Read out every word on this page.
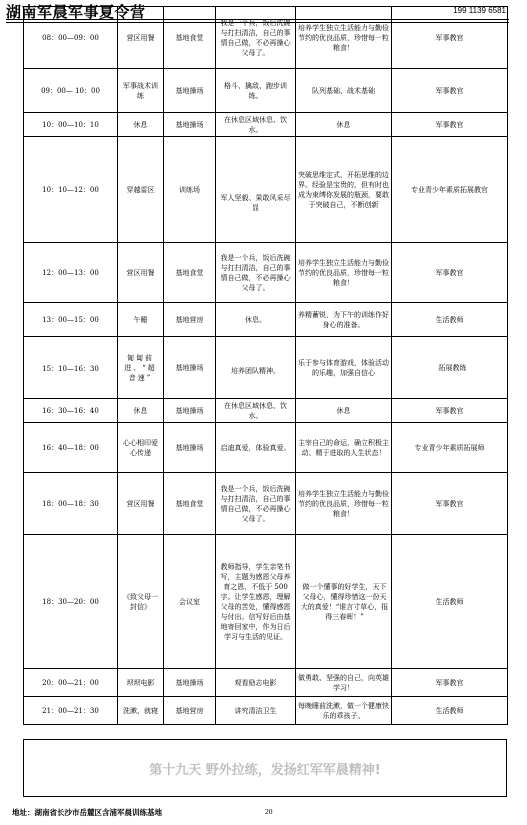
湖南军晨军事夏令营	199 1139 6581
08：00—09：00	营区用餐	基地食堂	我是一个兵，饭后洗碗与打扫清洁，自己的事情自己做，不必再操心父母了。	培养学生独立生活能力与勤俭节约的优良品质，珍惜每一粒粮食！	军事教官
09：00— 10：00	军事战术训练	基地操场	格斗、擒敌、跑步训练。	队列基础、战术基础	军事教官
10：00—10：10	休息	基地操场	在休息区域休息、饮水。	休息	军事教官
10：10—12：00	穿越雷区	训练场	军人坚毅、果敢风采尽显	突破思维定式，开拓思维的边界。经验是宝贵的，但有时也成为束缚你发展的瓶颈，要敢于突破自己，不断创新	专业青少年素质拓展教官
12：00—13：00	营区用餐	基地食堂	我是一个兵，饭后洗碗与打扫清洁，自己的事情自己做，不必再操心父母了。	培养学生独立生活能力与勤俭节约的优良品质，珍惜每一粒粮食！	军事教官
13：00—15：00	午睡	基地营房	休息。	养精蓄锐，为下午的训练作好身心的准备。	生活教师
15：10—16：30	匍匐前进、“超音速”	基地操场	培养团队精神。	乐于参与体育游戏，体验活动的乐趣，加强自信心	拓展教练
16：30—16：40	休息	基地操场	在休息区域休息、饮水。	休息	军事教官
16：40—18：00	心心相印爱心传递	基地操场	启迪真爱，体验真爱。	主宰自己的命运，确立积极主动、精于进取的人生状态！	专业青少年素质拓展师
18：00—18：30	营区用餐	基地食堂	我是一个兵，饭后洗碗与打扫清洁，自己的事情自己做，不必再操心父母了。	培养学生独立生活能力与勤俭节约的优良品质，珍惜每一粒粮食！	军事教官
18：30—20：00	《致父母一封信》	会议室	教师指导，学生亲笔书写，主题为感恩父母养育之恩，不低于 500字。让学生感恩，理解父母的苦处，懂得感恩与付出。信写好后由基地寄回家中，作为日后学习与生活的见证。	做一个懂事的好学生，天下父母心，懂得珍惜这一份天大的真爱！“谁言寸草心，报得三春晖！”	生活教师
20：00—21：00	坝坝电影	基地操场	观看励志电影	做勇敢、坚强的自己，向英雄学习！	军事教官
21：00—21：30	洗漱、就寝	基地营房	讲究清洁卫生	每晚睡前洗漱，做一个健康快乐的乖孩子。	生活教师
第十九天 野外拉练，发扬红军军晨精神!
地址：湖南省长沙市岳麓区含浦军晨训练基地	20
